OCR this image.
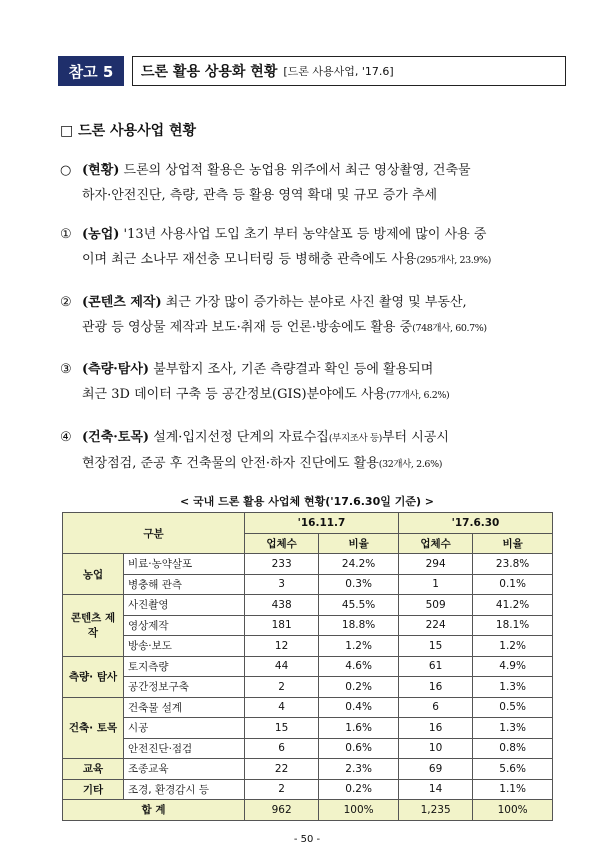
참고 5	드론 활용 상용화 현황 [드론 사용사업, '17.6]
□ 드론 사용사업 현황
○ (현황) 드론의 상업적 활용은 농업용 위주에서 최근 영상촬영, 건축물
하자·안전진단, 측량, 관측 등 활용 영역 확대 및 규모 증가 추세
① (농업) '13년 사용사업 도입 초기 부터 농약살포 등 방제에 많이 사용 중
이며 최근 소나무 재선충 모니터링 등 병해충 관측에도 사용(295개사, 23.9%)
② (콘텐츠 제작) 최근 가장 많이 증가하는 분야로 사진 촬영 및 부동산,
관광 등 영상물 제작과 보도·취재 등 언론·방송에도 활용 중(748개사, 60.7%)
③ (측량·탐사) 불부합지 조사, 기존 측량결과 확인 등에 활용되며
최근 3D 데이터 구축 등 공간정보(GIS)분야에도 사용(77개사, 6.2%)
④ (건축·토목) 설계·입지선정 단계의 자료수집(부지조사 등)부터 시공시
현장점검, 준공 후 건축물의 안전·하자 진단에도 활용(32개사, 2.6%)
< 국내 드론 활용 사업체 현황('17.6.30일 기준) >
구분		'16.11.7		'17.6.30	
		업체수	비율	업체수	비율
농업	비료·농약살포	233	24.2%	294	23.8%
	병충해 관측	3	0.3%	1	0.1%
콘텐츠 제작	사진촬영	438	45.5%	509	41.2%
	영상제작	181	18.8%	224	18.1%
	방송·보도	12	1.2%	15	1.2%
측량· 탐사	토지측량	44	4.6%	61	4.9%
	공간정보구축	2	0.2%	16	1.3%
건축· 토목	건축물 설계	4	0.4%	6	0.5%
	시공	15	1.6%	16	1.3%
	안전진단·점검	6	0.6%	10	0.8%
교육	조종교육	22	2.3%	69	5.6%
기타	조경, 환경감시 등	2	0.2%	14	1.1%
합 계		962	100%	1,235	100%
- 50 -
